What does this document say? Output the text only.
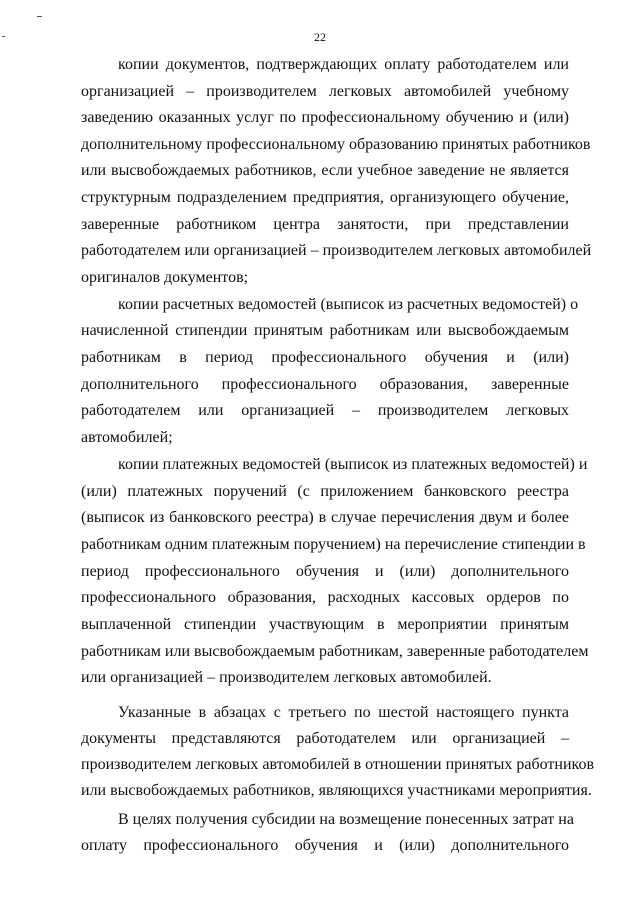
22
копии документов, подтверждающих оплату работодателем или
организацией – производителем легковых автомобилей учебному
заведению оказанных услуг по профессиональному обучению и (или)
дополнительному профессиональному образованию принятых работников
или высвобождаемых работников, если учебное заведение не является
структурным подразделением предприятия, организующего обучение,
заверенные работником центра занятости, при представлении
работодателем или организацией – производителем легковых автомобилей
оригиналов документов;
копии расчетных ведомостей (выписок из расчетных ведомостей) о
начисленной стипендии принятым работникам или высвобождаемым
работникам в период профессионального обучения и (или)
дополнительного профессионального образования, заверенные
работодателем или организацией – производителем легковых
автомобилей;
копии платежных ведомостей (выписок из платежных ведомостей) и
(или) платежных поручений (с приложением банковского реестра
(выписок из банковского реестра) в случае перечисления двум и более
работникам одним платежным поручением) на перечисление стипендии в
период профессионального обучения и (или) дополнительного
профессионального образования, расходных кассовых ордеров по
выплаченной стипендии участвующим в мероприятии принятым
работникам или высвобождаемым работникам, заверенные работодателем
или организацией – производителем легковых автомобилей.
Указанные в абзацах с третьего по шестой настоящего пункта
документы представляются работодателем или организацией –
производителем легковых автомобилей в отношении принятых работников
или высвобождаемых работников, являющихся участниками мероприятия.
В целях получения субсидии на возмещение понесенных затрат на
оплату профессионального обучения и (или) дополнительного
